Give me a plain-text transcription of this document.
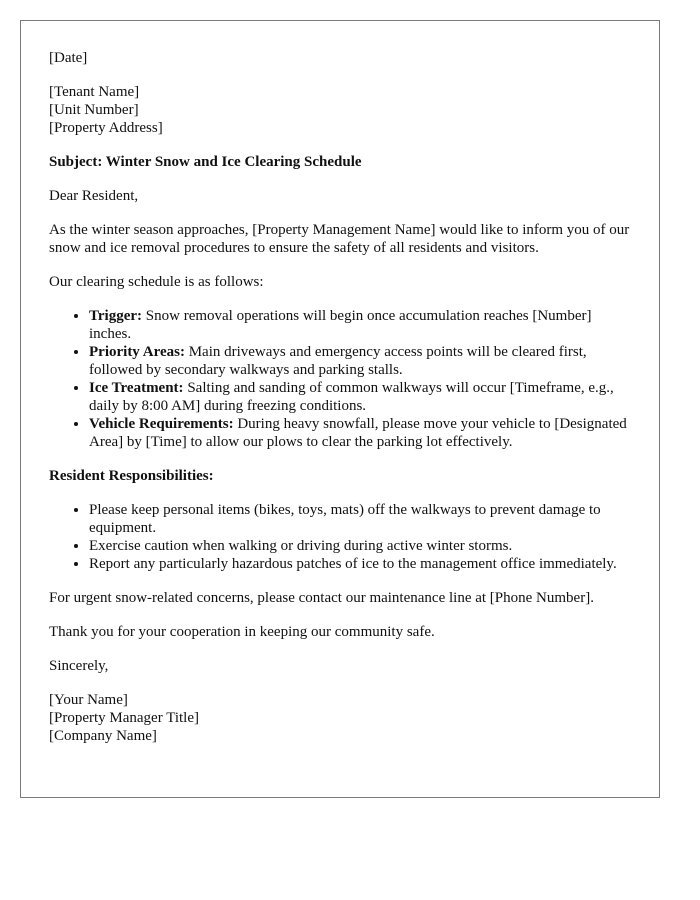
[Date]
[Tenant Name]
[Unit Number]
[Property Address]
Subject: Winter Snow and Ice Clearing Schedule
Dear Resident,
As the winter season approaches, [Property Management Name] would like to inform you of our snow and ice removal procedures to ensure the safety of all residents and visitors.
Our clearing schedule is as follows:
• Trigger: Snow removal operations will begin once accumulation reaches [Number] inches.
• Priority Areas: Main driveways and emergency access points will be cleared first, followed by secondary walkways and parking stalls.
• Ice Treatment: Salting and sanding of common walkways will occur [Timeframe, e.g., daily by 8:00 AM] during freezing conditions.
• Vehicle Requirements: During heavy snowfall, please move your vehicle to [Designated Area] by [Time] to allow our plows to clear the parking lot effectively.
Resident Responsibilities:
• Please keep personal items (bikes, toys, mats) off the walkways to prevent damage to equipment.
• Exercise caution when walking or driving during active winter storms.
• Report any particularly hazardous patches of ice to the management office immediately.
For urgent snow-related concerns, please contact our maintenance line at [Phone Number].
Thank you for your cooperation in keeping our community safe.
Sincerely,
[Your Name]
[Property Manager Title]
[Company Name]
